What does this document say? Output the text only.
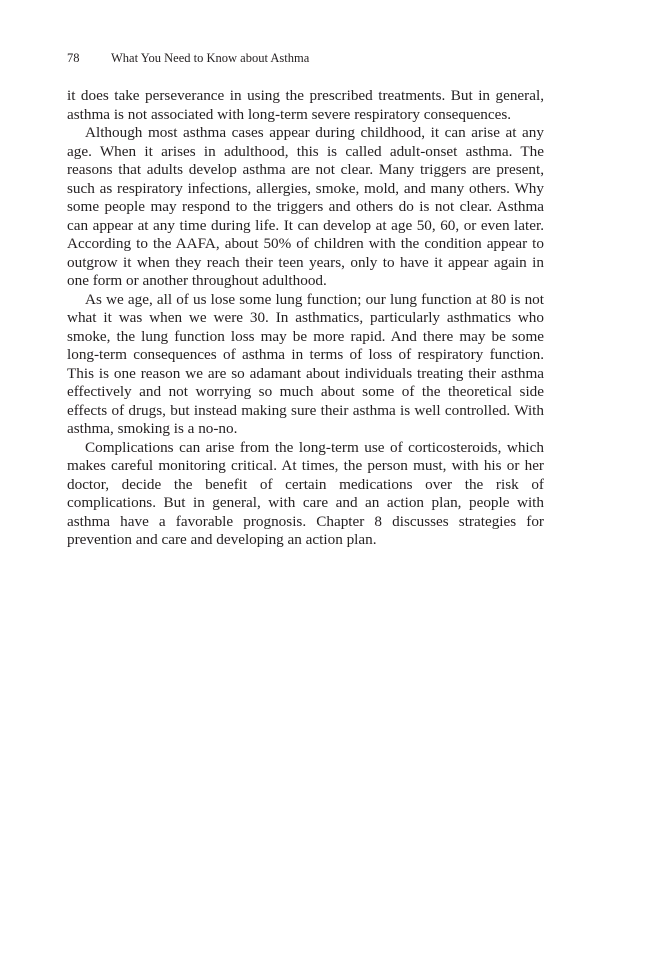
78	What You Need to Know about Asthma

it does take perseverance in using the prescribed treatments. But in general, asthma is not associated with long-term severe respiratory consequences.

Although most asthma cases appear during childhood, it can arise at any age. When it arises in adulthood, this is called adult-onset asthma. The reasons that adults develop asthma are not clear. Many triggers are present, such as respiratory infections, allergies, smoke, mold, and many others. Why some people may respond to the triggers and others do is not clear. Asthma can appear at any time during life. It can develop at age 50, 60, or even later. According to the AAFA, about 50% of children with the condition appear to outgrow it when they reach their teen years, only to have it appear again in one form or another throughout adulthood.

As we age, all of us lose some lung function; our lung function at 80 is not what it was when we were 30. In asthmatics, particularly asthmatics who smoke, the lung function loss may be more rapid. And there may be some long-term consequences of asthma in terms of loss of respiratory function. This is one reason we are so adamant about individuals treating their asthma effectively and not worrying so much about some of the theoretical side effects of drugs, but instead making sure their asthma is well controlled. With asthma, smoking is a no-no.

Complications can arise from the long-term use of corticosteroids, which makes careful monitoring critical. At times, the person must, with his or her doctor, decide the benefit of certain medications over the risk of complications. But in general, with care and an action plan, people with asthma have a favorable prognosis. Chapter 8 discusses strategies for prevention and care and developing an action plan.
